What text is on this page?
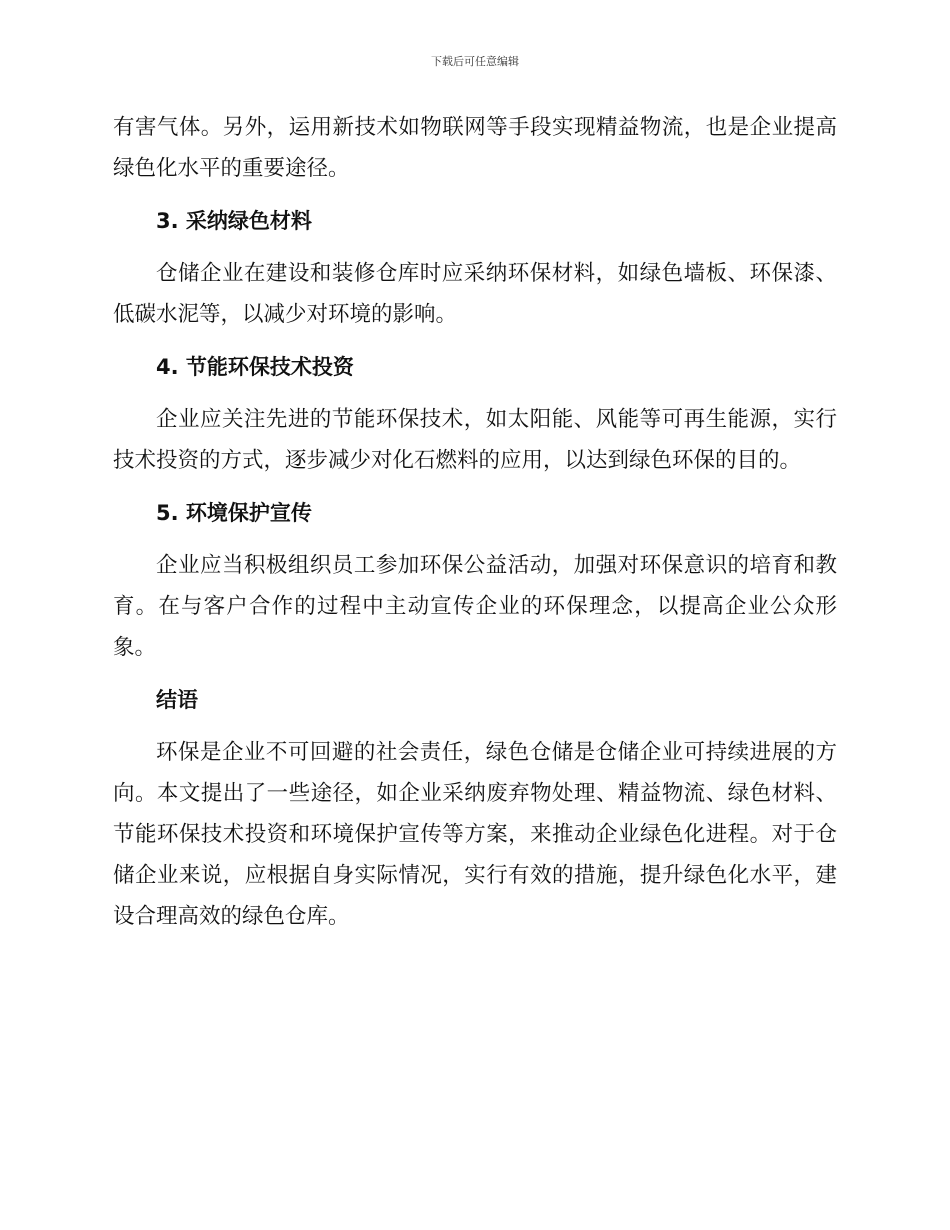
下载后可任意编辑

有害气体。另外，运用新技术如物联网等手段实现精益物流，也是企业提高绿色化水平的重要途径。

3. 采纳绿色材料

仓储企业在建设和装修仓库时应采纳环保材料，如绿色墙板、环保漆、低碳水泥等，以减少对环境的影响。

4. 节能环保技术投资

企业应关注先进的节能环保技术，如太阳能、风能等可再生能源，实行技术投资的方式，逐步减少对化石燃料的应用，以达到绿色环保的目的。

5. 环境保护宣传

企业应当积极组织员工参加环保公益活动，加强对环保意识的培育和教育。在与客户合作的过程中主动宣传企业的环保理念，以提高企业公众形象。

结语

环保是企业不可回避的社会责任，绿色仓储是仓储企业可持续进展的方向。本文提出了一些途径，如企业采纳废弃物处理、精益物流、绿色材料、节能环保技术投资和环境保护宣传等方案，来推动企业绿色化进程。对于仓储企业来说，应根据自身实际情况，实行有效的措施，提升绿色化水平，建设合理高效的绿色仓库。
